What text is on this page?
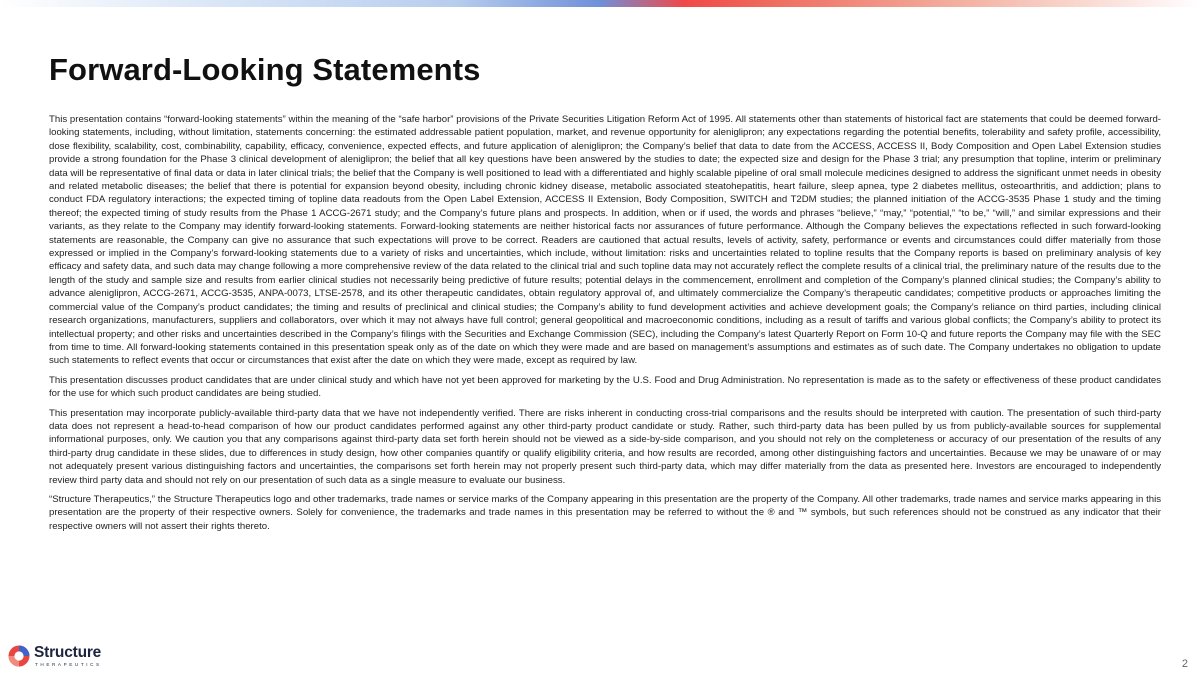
Forward-Looking Statements

This presentation contains “forward-looking statements” within the meaning of the “safe harbor” provisions of the Private Securities Litigation Reform Act of 1995. All statements other than statements of historical fact are statements that could be deemed forward-looking statements, including, without limitation, statements concerning: the estimated addressable patient population, market, and revenue opportunity for aleniglipron; any expectations regarding the potential benefits, tolerability and safety profile, accessibility, dose flexibility, scalability, cost, combinability, capability, efficacy, convenience, expected effects, and future application of aleniglipron; the Company’s belief that data to date from the ACCESS, ACCESS II, Body Composition and Open Label Extension studies provide a strong foundation for the Phase 3 clinical development of aleniglipron; the belief that all key questions have been answered by the studies to date; the expected size and design for the Phase 3 trial; any presumption that topline, interim or preliminary data will be representative of final data or data in later clinical trials; the belief that the Company is well positioned to lead with a differentiated and highly scalable pipeline of oral small molecule medicines designed to address the significant unmet needs in obesity and related metabolic diseases; the belief that there is potential for expansion beyond obesity, including chronic kidney disease, metabolic associated steatohepatitis, heart failure, sleep apnea, type 2 diabetes mellitus, osteoarthritis, and addiction; plans to conduct FDA regulatory interactions; the expected timing of topline data readouts from the Open Label Extension, ACCESS II Extension, Body Composition, SWITCH and T2DM studies; the planned initiation of the ACCG-3535 Phase 1 study and the timing thereof; the expected timing of study results from the Phase 1 ACCG-2671 study; and the Company’s future plans and prospects. In addition, when or if used, the words and phrases “believe,” “may,” “potential,” “to be,” “will,” and similar expressions and their variants, as they relate to the Company may identify forward-looking statements. Forward-looking statements are neither historical facts nor assurances of future performance. Although the Company believes the expectations reflected in such forward-looking statements are reasonable, the Company can give no assurance that such expectations will prove to be correct. Readers are cautioned that actual results, levels of activity, safety, performance or events and circumstances could differ materially from those expressed or implied in the Company’s forward-looking statements due to a variety of risks and uncertainties, which include, without limitation: risks and uncertainties related to topline results that the Company reports is based on preliminary analysis of key efficacy and safety data, and such data may change following a more comprehensive review of the data related to the clinical trial and such topline data may not accurately reflect the complete results of a clinical trial, the preliminary nature of the results due to the length of the study and sample size and results from earlier clinical studies not necessarily being predictive of future results; potential delays in the commencement, enrollment and completion of the Company’s planned clinical studies; the Company’s ability to advance aleniglipron, ACCG-2671, ACCG-3535, ANPA-0073, LTSE-2578, and its other therapeutic candidates, obtain regulatory approval of, and ultimately commercialize the Company’s therapeutic candidates; competitive products or approaches limiting the commercial value of the Company’s product candidates; the timing and results of preclinical and clinical studies; the Company’s ability to fund development activities and achieve development goals; the Company’s reliance on third parties, including clinical research organizations, manufacturers, suppliers and collaborators, over which it may not always have full control; general geopolitical and macroeconomic conditions, including as a result of tariffs and various global conflicts; the Company’s ability to protect its intellectual property; and other risks and uncertainties described in the Company’s filings with the Securities and Exchange Commission (SEC), including the Company’s latest Quarterly Report on Form 10-Q and future reports the Company may file with the SEC from time to time. All forward-looking statements contained in this presentation speak only as of the date on which they were made and are based on management’s assumptions and estimates as of such date. The Company undertakes no obligation to update such statements to reflect events that occur or circumstances that exist after the date on which they were made, except as required by law.

This presentation discusses product candidates that are under clinical study and which have not yet been approved for marketing by the U.S. Food and Drug Administration. No representation is made as to the safety or effectiveness of these product candidates for the use for which such product candidates are being studied.

This presentation may incorporate publicly-available third-party data that we have not independently verified. There are risks inherent in conducting cross-trial comparisons and the results should be interpreted with caution. The presentation of such third-party data does not represent a head-to-head comparison of how our product candidates performed against any other third-party product candidate or study. Rather, such third-party data has been pulled by us from publicly-available sources for supplemental informational purposes, only. We caution you that any comparisons against third-party data set forth herein should not be viewed as a side-by-side comparison, and you should not rely on the completeness or accuracy of our presentation of the results of any third-party drug candidate in these slides, due to differences in study design, how other companies quantify or qualify eligibility criteria, and how results are recorded, among other distinguishing factors and uncertainties. Because we may be unaware of or may not adequately present various distinguishing factors and uncertainties, the comparisons set forth herein may not properly present such third-party data, which may differ materially from the data as presented here. Investors are encouraged to independently review third party data and should not rely on our presentation of such data as a single measure to evaluate our business.

“Structure Therapeutics,” the Structure Therapeutics logo and other trademarks, trade names or service marks of the Company appearing in this presentation are the property of the Company. All other trademarks, trade names and service marks appearing in this presentation are the property of their respective owners. Solely for convenience, the trademarks and trade names in this presentation may be referred to without the ® and ™ symbols, but such references should not be construed as any indicator that their respective owners will not assert their rights thereto.

Structure
THERAPEUTICS	2
